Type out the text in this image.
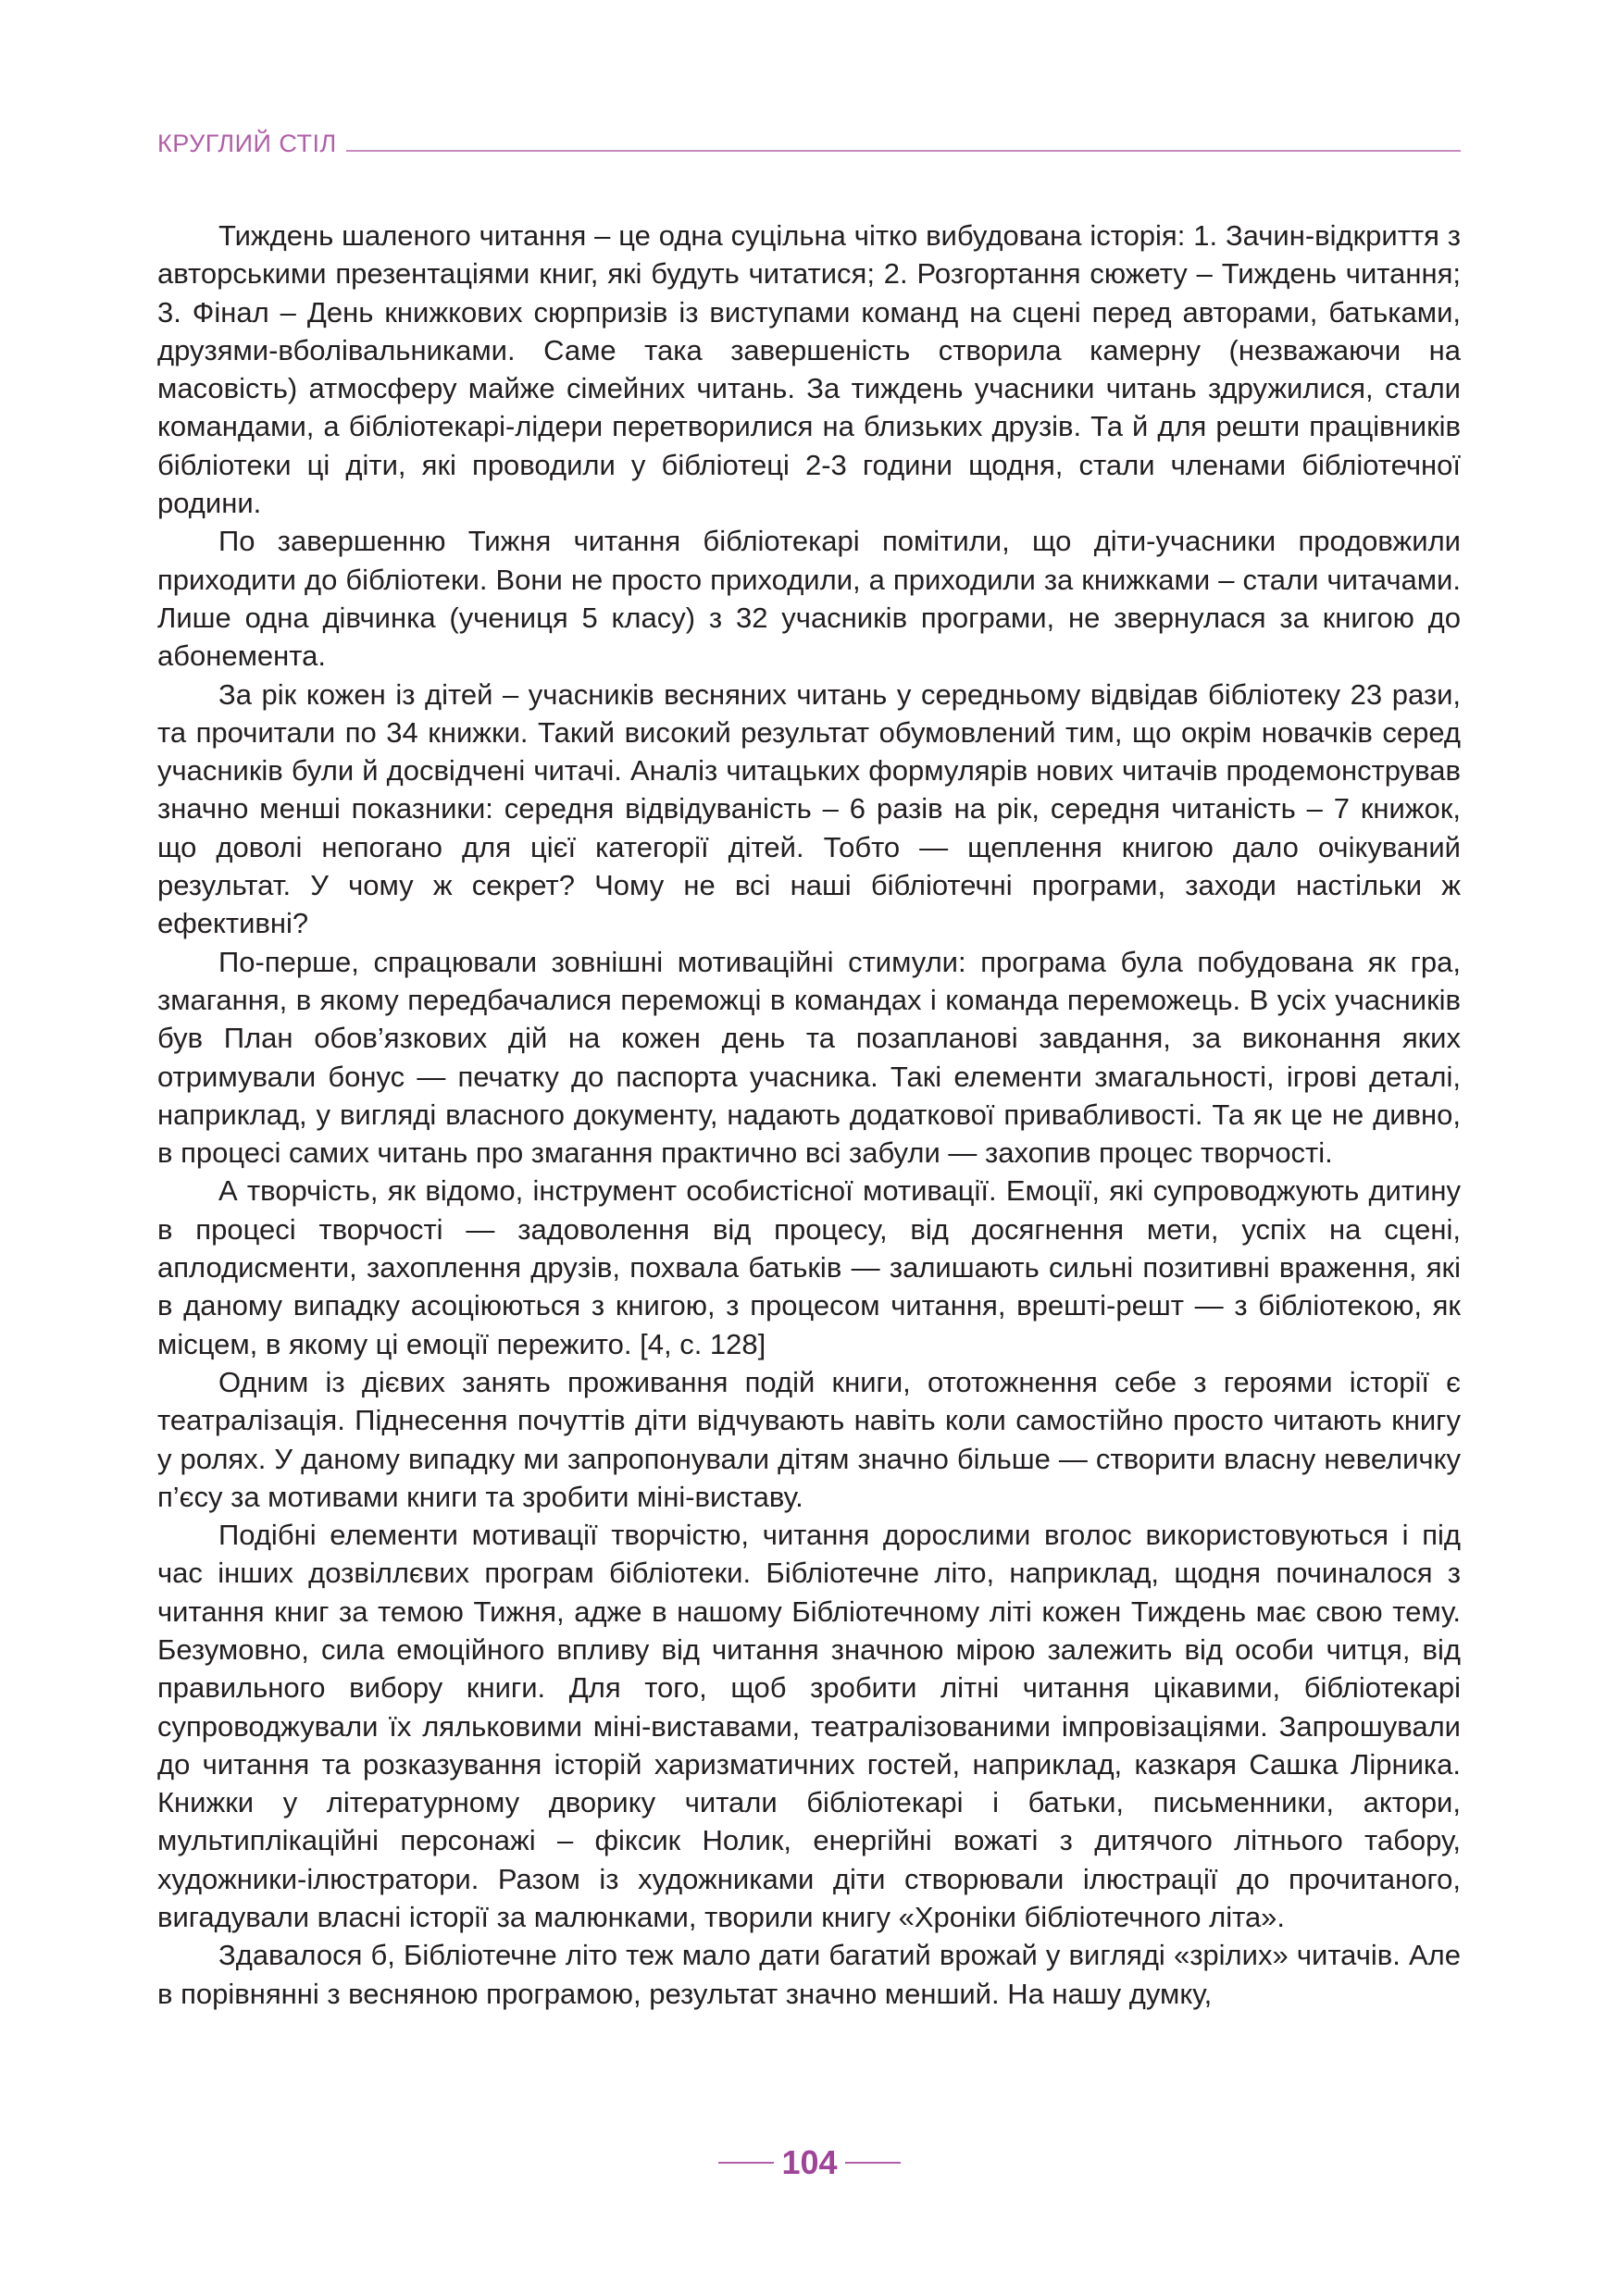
КРУГЛИЙ СТІЛ

Тиждень шаленого читання – це одна суцільна чітко вибудована історія: 1. Зачин-відкриття з авторськими презентаціями книг, які будуть читатися; 2. Розгортання сюжету – Тиждень читання; 3. Фінал – День книжкових сюрпризів із виступами команд на сцені перед авторами, батьками, друзями-вболівальниками. Саме така завершеність створила камерну (незважаючи на масовість) атмосферу майже сімейних читань. За тиждень учасники читань здружилися, стали командами, а бібліотекарі-лідери перетворилися на близьких друзів. Та й для решти працівників бібліотеки ці діти, які проводили у бібліотеці 2-3 години щодня, стали членами бібліотечної родини.

По завершенню Тижня читання бібліотекарі помітили, що діти-учасники продовжили приходити до бібліотеки. Вони не просто приходили, а приходили за книжками – стали читачами. Лише одна дівчинка (учениця 5 класу) з 32 учасників програми, не звернулася за книгою до абонемента.

За рік кожен із дітей – учасників весняних читань у середньому відвідав бібліотеку 23 рази, та прочитали по 34 книжки. Такий високий результат обумовлений тим, що окрім новачків серед учасників були й досвідчені читачі. Аналіз читацьких формулярів нових читачів продемонстрував значно менші показники: середня відвідуваність – 6 разів на рік, середня читаність – 7 книжок, що доволі непогано для цієї категорії дітей. Тобто — щеплення книгою дало очікуваний результат. У чому ж секрет? Чому не всі наші бібліотечні програми, заходи настільки ж ефективні?

По-перше, спрацювали зовнішні мотиваційні стимули: програма була побудована як гра, змагання, в якому передбачалися переможці в командах і команда переможець. В усіх учасників був План обов’язкових дій на кожен день та позапланові завдання, за виконання яких отримували бонус — печатку до паспорта учасника. Такі елементи змагальності, ігрові деталі, наприклад, у вигляді власного документу, надають додаткової привабливості. Та як це не дивно, в процесі самих читань про змагання практично всі забули — захопив процес творчості.

А творчість, як відомо, інструмент особистісної мотивації. Емоції, які супроводжують дитину в процесі творчості — задоволення від процесу, від досягнення мети, успіх на сцені, аплодисменти, захоплення друзів, похвала батьків — залишають сильні позитивні враження, які в даному випадку асоціюються з книгою, з процесом читання, врешті-решт — з бібліотекою, як місцем, в якому ці емоції пережито. [4, с. 128]

Одним із дієвих занять проживання подій книги, ототожнення себе з героями історії є театралізація. Піднесення почуттів діти відчувають навіть коли самостійно просто читають книгу у ролях. У даному випадку ми запропонували дітям значно більше — створити власну невеличку п’єсу за мотивами книги та зробити міні-виставу.

Подібні елементи мотивації творчістю, читання дорослими вголос використовуються і під час інших дозвіллєвих програм бібліотеки. Бібліотечне літо, наприклад, щодня починалося з читання книг за темою Тижня, адже в нашому Бібліотечному літі кожен Тиждень має свою тему. Безумовно, сила емоційного впливу від читання значною мірою залежить від особи читця, від правильного вибору книги. Для того, щоб зробити літні читання цікавими, бібліотекарі супроводжували їх ляльковими міні-виставами, театралізованими імпровізаціями. Запрошували до читання та розказування історій харизматичних гостей, наприклад, казкаря Сашка Лірника. Книжки у літературному дворику читали бібліотекарі і батьки, письменники, актори, мультиплікаційні персонажі – фіксик Нолик, енергійні вожаті з дитячого літнього табору, художники-ілюстратори. Разом із художниками діти створювали ілюстрації до прочитаного, вигадували власні історії за малюнками, творили книгу «Хроніки бібліотечного літа».

Здавалося б, Бібліотечне літо теж мало дати багатий врожай у вигляді «зрілих» читачів. Але в порівнянні з весняною програмою, результат значно менший. На нашу думку,

104
